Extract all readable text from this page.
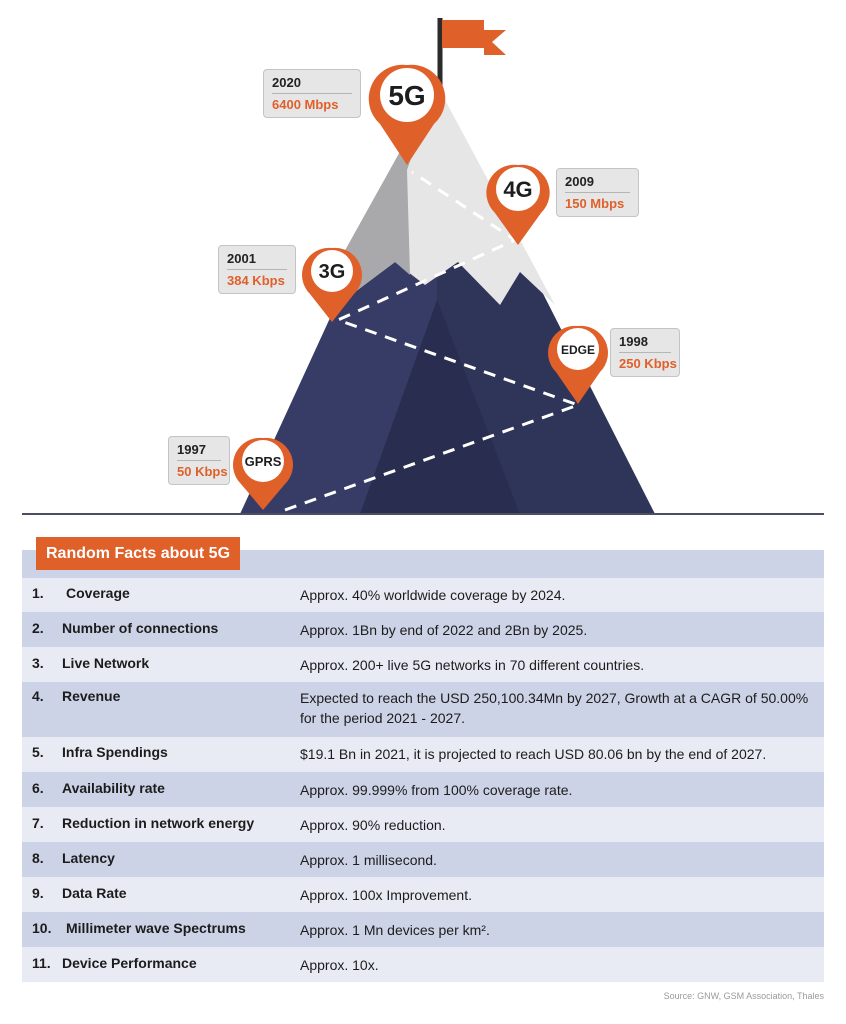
GPRS
EDGE
3G
4G
5G
1997
50 Kbps
1998
250 Kbps
2001
384 Kbps
2009
150 Mbps
2020
6400 Mbps
Random Facts about 5G
1.	Coverage	Approx. 40% worldwide coverage by 2024.
2.	Number of connections	Approx. 1Bn by end of 2022 and 2Bn by 2025.
3.	Live Network	Approx. 200+ live 5G networks in 70 different countries.
4.	Revenue	Expected to reach the USD 250,100.34Mn by 2027, Growth at a CAGR of 50.00% for the period 2021 - 2027.
5.	Infra Spendings	$19.1 Bn in 2021, it is projected to reach USD 80.06 bn by the end of 2027.
6.	Availability rate	Approx. 99.999% from 100% coverage rate.
7.	Reduction in network energy	Approx. 90% reduction.
8.	Latency	Approx. 1 millisecond.
9.	Data Rate	Approx. 100x Improvement.
10.	Millimeter wave Spectrums	Approx. 1 Mn devices per km².
11. Device Performance	Approx. 10x.
Source: GNW, GSM Association, Thales
